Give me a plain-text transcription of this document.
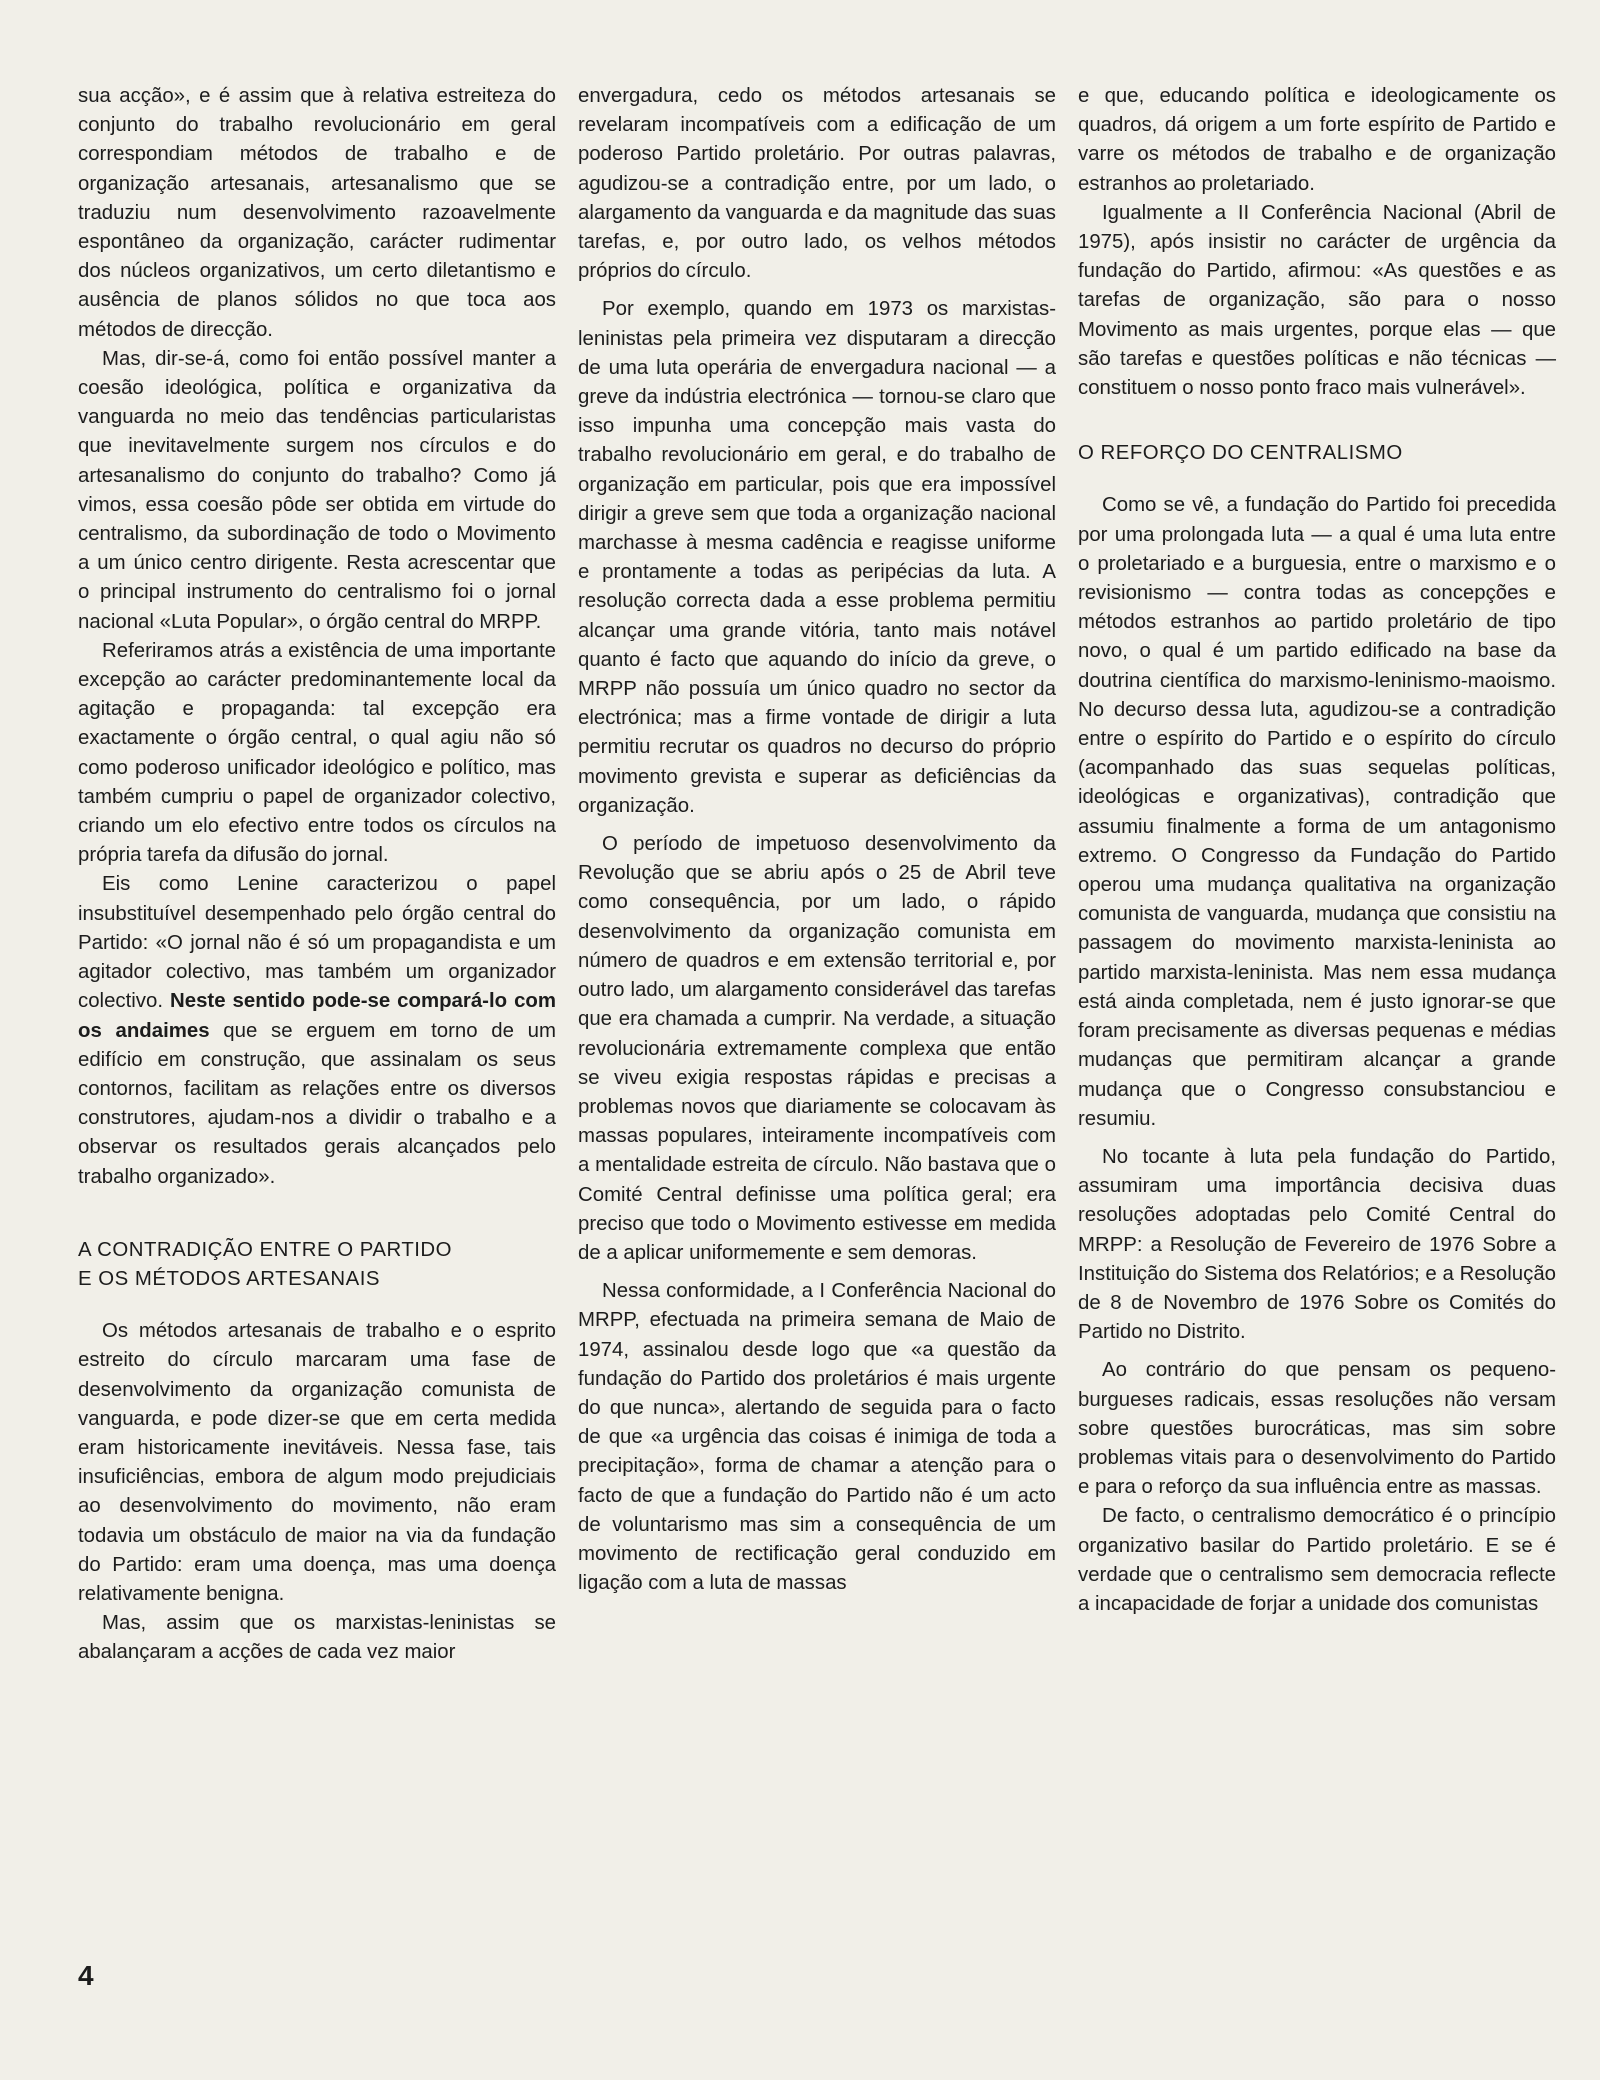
sua acção», e é assim que à relativa estreiteza do conjunto do trabalho revolucionário em geral correspondiam métodos de trabalho e de organização artesanais, artesanalismo que se traduziu num desenvolvimento razoavelmente espontâneo da organização, carácter rudimentar dos núcleos organizativos, um certo diletantismo e ausência de planos sólidos no que toca aos métodos de direcção.

Mas, dir-se-á, como foi então possível manter a coesão ideológica, política e organizativa da vanguarda no meio das tendências particularistas que inevitavelmente surgem nos círculos e do artesanalismo do conjunto do trabalho? Como já vimos, essa coesão pôde ser obtida em virtude do centralismo, da subordinação de todo o Movimento a um único centro dirigente. Resta acrescentar que o principal instrumento do centralismo foi o jornal nacional «Luta Popular», o órgão central do MRPP.

Referiramos atrás a existência de uma importante excepção ao carácter predominantemente local da agitação e propaganda: tal excepção era exactamente o órgão central, o qual agiu não só como poderoso unificador ideológico e político, mas também cumpriu o papel de organizador colectivo, criando um elo efectivo entre todos os círculos na própria tarefa da difusão do jornal.

Eis como Lenine caracterizou o papel insubstituível desempenhado pelo órgão central do Partido: «O jornal não é só um propagandista e um agitador colectivo, mas também um organizador colectivo. Neste sentido pode-se compará-lo com os andaimes que se erguem em torno de um edifício em construção, que assinalam os seus contornos, facilitam as relações entre os diversos construtores, ajudam-nos a dividir o trabalho e a observar os resultados gerais alcançados pelo trabalho organizado».

A CONTRADIÇÃO ENTRE O PARTIDO
E OS MÉTODOS ARTESANAIS

Os métodos artesanais de trabalho e o esprito estreito do círculo marcaram uma fase de desenvolvimento da organização comunista de vanguarda, e pode dizer-se que em certa medida eram historicamente inevitáveis. Nessa fase, tais insuficiências, embora de algum modo prejudiciais ao desenvolvimento do movimento, não eram todavia um obstáculo de maior na via da fundação do Partido: eram uma doença, mas uma doença relativamente benigna.

Mas, assim que os marxistas-leninistas se abalançaram a acções de cada vez maior

envergadura, cedo os métodos artesanais se revelaram incompatíveis com a edificação de um poderoso Partido proletário. Por outras palavras, agudizou-se a contradição entre, por um lado, o alargamento da vanguarda e da magnitude das suas tarefas, e, por outro lado, os velhos métodos próprios do círculo.

Por exemplo, quando em 1973 os marxistas-leninistas pela primeira vez disputaram a direcção de uma luta operária de envergadura nacional — a greve da indústria electrónica — tornou-se claro que isso impunha uma concepção mais vasta do trabalho revolucionário em geral, e do trabalho de organização em particular, pois que era impossível dirigir a greve sem que toda a organização nacional marchasse à mesma cadência e reagisse uniforme e prontamente a todas as peripécias da luta. A resolução correcta dada a esse problema permitiu alcançar uma grande vitória, tanto mais notável quanto é facto que aquando do início da greve, o MRPP não possuía um único quadro no sector da electrónica; mas a firme vontade de dirigir a luta permitiu recrutar os quadros no decurso do próprio movimento grevista e superar as deficiências da organização.

O período de impetuoso desenvolvimento da Revolução que se abriu após o 25 de Abril teve como consequência, por um lado, o rápido desenvolvimento da organização comunista em número de quadros e em extensão territorial e, por outro lado, um alargamento considerável das tarefas que era chamada a cumprir. Na verdade, a situação revolucionária extremamente complexa que então se viveu exigia respostas rápidas e precisas a problemas novos que diariamente se colocavam às massas populares, inteiramente incompatíveis com a mentalidade estreita de círculo. Não bastava que o Comité Central definisse uma política geral; era preciso que todo o Movimento estivesse em medida de a aplicar uniformemente e sem demoras.

Nessa conformidade, a I Conferência Nacional do MRPP, efectuada na primeira semana de Maio de 1974, assinalou desde logo que «a questão da fundação do Partido dos proletários é mais urgente do que nunca», alertando de seguida para o facto de que «a urgência das coisas é inimiga de toda a precipitação», forma de chamar a atenção para o facto de que a fundação do Partido não é um acto de voluntarismo mas sim a consequência de um movimento de rectificação geral conduzido em ligação com a luta de massas

e que, educando política e ideologicamente os quadros, dá origem a um forte espírito de Partido e varre os métodos de trabalho e de organização estranhos ao proletariado.

Igualmente a II Conferência Nacional (Abril de 1975), após insistir no carácter de urgência da fundação do Partido, afirmou: «As questões e as tarefas de organização, são para o nosso Movimento as mais urgentes, porque elas — que são tarefas e questões políticas e não técnicas — constituem o nosso ponto fraco mais vulnerável».

O REFORÇO DO CENTRALISMO

Como se vê, a fundação do Partido foi precedida por uma prolongada luta — a qual é uma luta entre o proletariado e a burguesia, entre o marxismo e o revisionismo — contra todas as concepções e métodos estranhos ao partido proletário de tipo novo, o qual é um partido edificado na base da doutrina científica do marxismo-leninismo-maoismo. No decurso dessa luta, agudizou-se a contradição entre o espírito do Partido e o espírito do círculo (acompanhado das suas sequelas políticas, ideológicas e organizativas), contradição que assumiu finalmente a forma de um antagonismo extremo. O Congresso da Fundação do Partido operou uma mudança qualitativa na organização comunista de vanguarda, mudança que consistiu na passagem do movimento marxista-leninista ao partido marxista-leninista. Mas nem essa mudança está ainda completada, nem é justo ignorar-se que foram precisamente as diversas pequenas e médias mudanças que permitiram alcançar a grande mudança que o Congresso consubstanciou e resumiu.

No tocante à luta pela fundação do Partido, assumiram uma importância decisiva duas resoluções adoptadas pelo Comité Central do MRPP: a Resolução de Fevereiro de 1976 Sobre a Instituição do Sistema dos Relatórios; e a Resolução de 8 de Novembro de 1976 Sobre os Comités do Partido no Distrito.

Ao contrário do que pensam os pequeno-burgueses radicais, essas resoluções não versam sobre questões burocráticas, mas sim sobre problemas vitais para o desenvolvimento do Partido e para o reforço da sua influência entre as massas.

De facto, o centralismo democrático é o princípio organizativo basilar do Partido proletário. E se é verdade que o centralismo sem democracia reflecte a incapacidade de forjar a unidade dos comunistas

4
